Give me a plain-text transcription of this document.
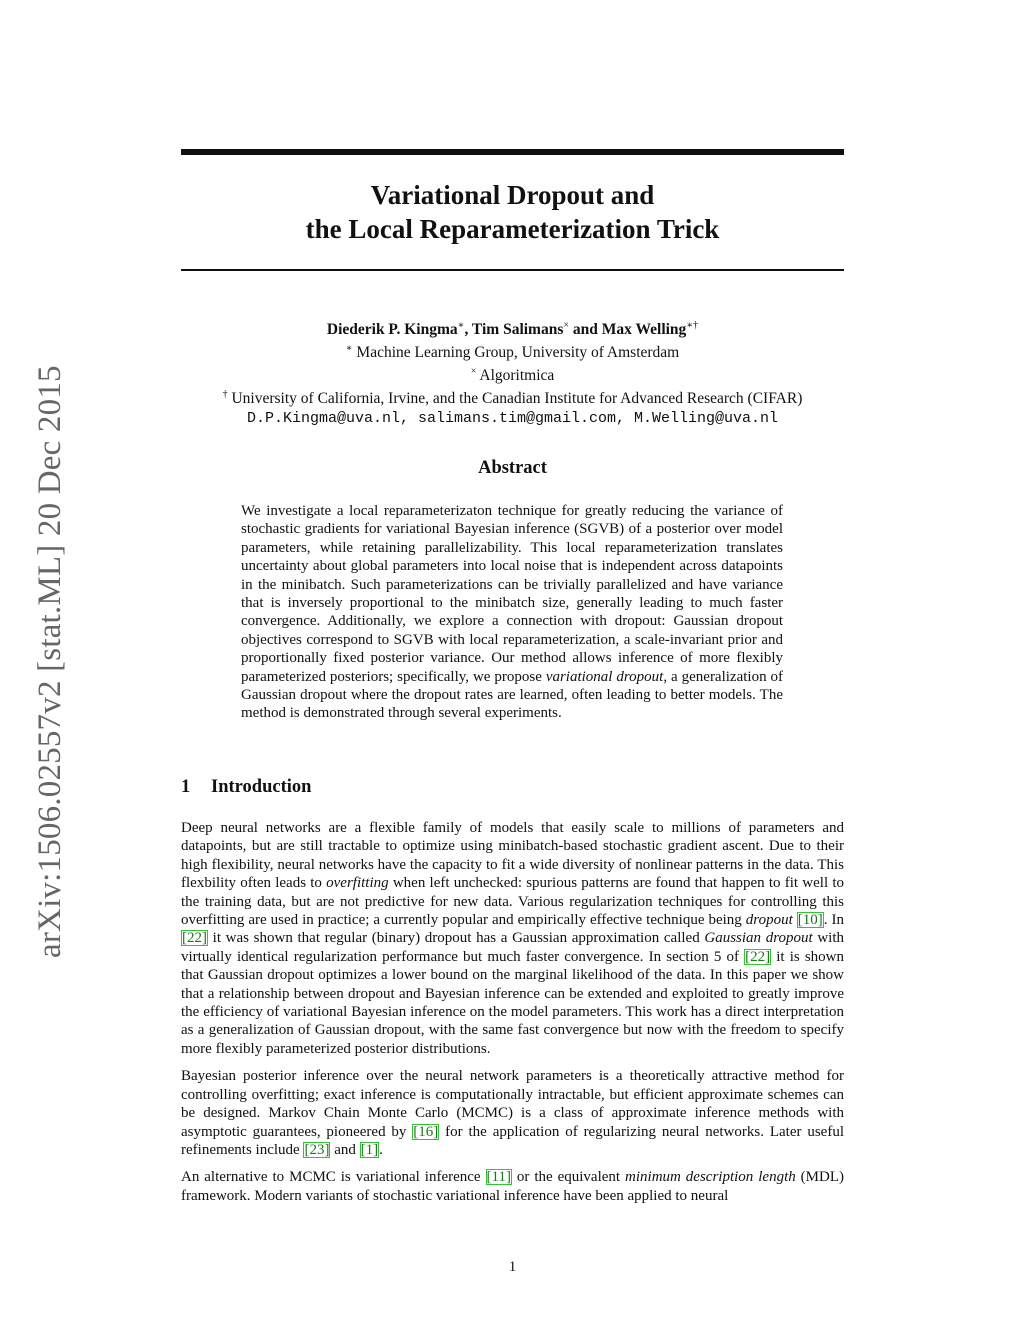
arXiv:1506.02557v2 [stat.ML] 20 Dec 2015
Variational Dropout and
the Local Reparameterization Trick
Diederik P. Kingma∗, Tim Salimans× and Max Welling∗†
∗ Machine Learning Group, University of Amsterdam
× Algoritmica
† University of California, Irvine, and the Canadian Institute for Advanced Research (CIFAR)
D.P.Kingma@uva.nl, salimans.tim@gmail.com, M.Welling@uva.nl
Abstract

We investigate a local reparameterizaton technique for greatly reducing the variance of stochastic gradients for variational Bayesian inference (SGVB) of a posterior over model parameters, while retaining parallelizability. This local reparameterization translates uncertainty about global parameters into local noise that is independent across datapoints in the minibatch. Such parameterizations can be trivially parallelized and have variance that is inversely proportional to the minibatch size, generally leading to much faster convergence. Additionally, we explore a connection with dropout: Gaussian dropout objectives correspond to SGVB with local reparameterization, a scale-invariant prior and proportionally fixed posterior variance. Our method allows inference of more flexibly parameterized posteriors; specifically, we propose variational dropout, a generalization of Gaussian dropout where the dropout rates are learned, often leading to better models. The method is demonstrated through several experiments.

1 Introduction

Deep neural networks are a flexible family of models that easily scale to millions of parameters and datapoints, but are still tractable to optimize using minibatch-based stochastic gradient ascent. Due to their high flexibility, neural networks have the capacity to fit a wide diversity of nonlinear patterns in the data. This flexbility often leads to overfitting when left unchecked: spurious patterns are found that happen to fit well to the training data, but are not predictive for new data. Various regularization techniques for controlling this overfitting are used in practice; a currently popular and empirically effective technique being dropout [10]. In [22] it was shown that regular (binary) dropout has a Gaussian approximation called Gaussian dropout with virtually identical regularization performance but much faster convergence. In section 5 of [22] it is shown that Gaussian dropout optimizes a lower bound on the marginal likelihood of the data. In this paper we show that a relationship between dropout and Bayesian inference can be extended and exploited to greatly improve the efficiency of variational Bayesian inference on the model parameters. This work has a direct interpretation as a generalization of Gaussian dropout, with the same fast convergence but now with the freedom to specify more flexibly parameterized posterior distributions.

Bayesian posterior inference over the neural network parameters is a theoretically attractive method for controlling overfitting; exact inference is computationally intractable, but efficient approximate schemes can be designed. Markov Chain Monte Carlo (MCMC) is a class of approximate inference methods with asymptotic guarantees, pioneered by [16] for the application of regularizing neural networks. Later useful refinements include [23] and [1].

An alternative to MCMC is variational inference [11] or the equivalent minimum description length (MDL) framework. Modern variants of stochastic variational inference have been applied to neural

1
